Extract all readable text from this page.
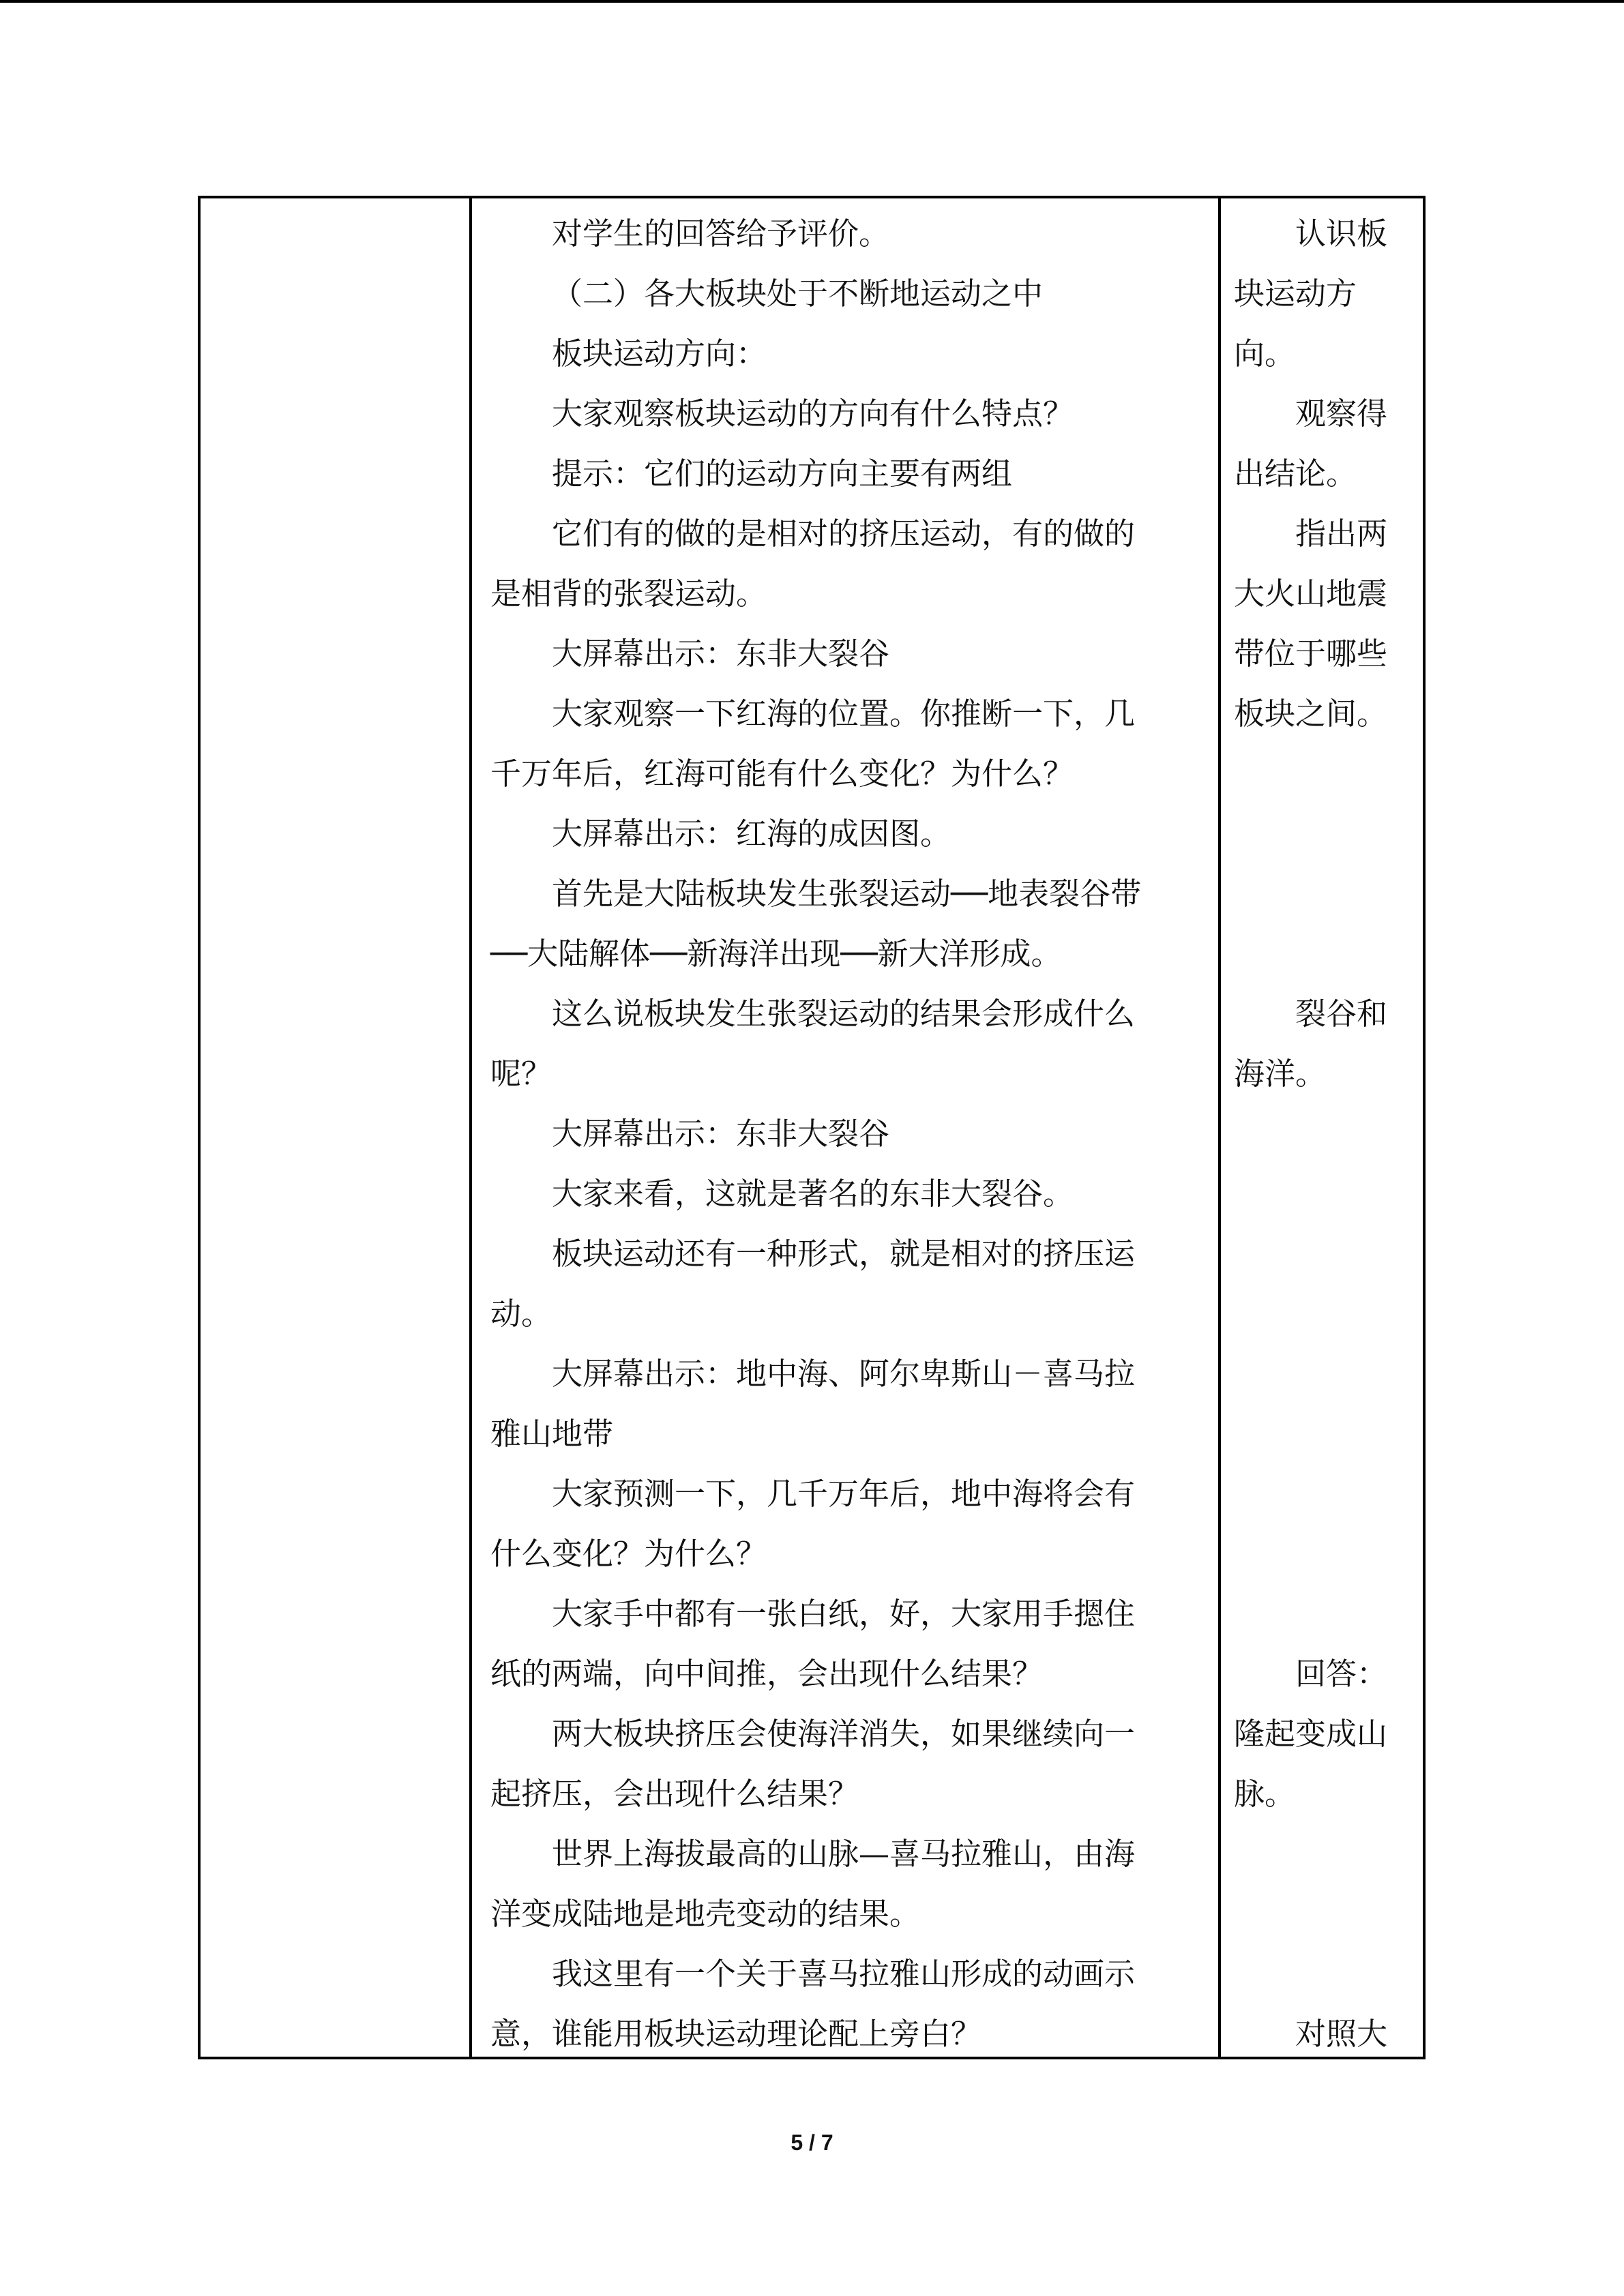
对学生的回答给予评价。
（二）各大板块处于不断地运动之中
板块运动方向：
大家观察板块运动的方向有什么特点？
提示：它们的运动方向主要有两组
它们有的做的是相对的挤压运动，有的做的
是相背的张裂运动。
大屏幕出示：东非大裂谷
大家观察一下红海的位置。你推断一下，几
千万年后，红海可能有什么变化？为什么？
大屏幕出示：红海的成因图。
首先是大陆板块发生张裂运动──地表裂谷带
──大陆解体──新海洋出现──新大洋形成。
这么说板块发生张裂运动的结果会形成什么
呢？
大屏幕出示：东非大裂谷
大家来看，这就是著名的东非大裂谷。
板块运动还有一种形式，就是相对的挤压运
动。
大屏幕出示：地中海、阿尔卑斯山－喜马拉
雅山地带
大家预测一下，几千万年后，地中海将会有
什么变化？为什么？
大家手中都有一张白纸，好，大家用手摁住
纸的两端，向中间推，会出现什么结果？
两大板块挤压会使海洋消失，如果继续向一
起挤压，会出现什么结果？
世界上海拔最高的山脉—喜马拉雅山，由海
洋变成陆地是地壳变动的结果。
我这里有一个关于喜马拉雅山形成的动画示
意，谁能用板块运动理论配上旁白？
认识板
块运动方
向。
观察得
出结论。
指出两
大火山地震
带位于哪些
板块之间。
裂谷和
海洋。
回答：
隆起变成山
脉。
对照大
5 / 7
